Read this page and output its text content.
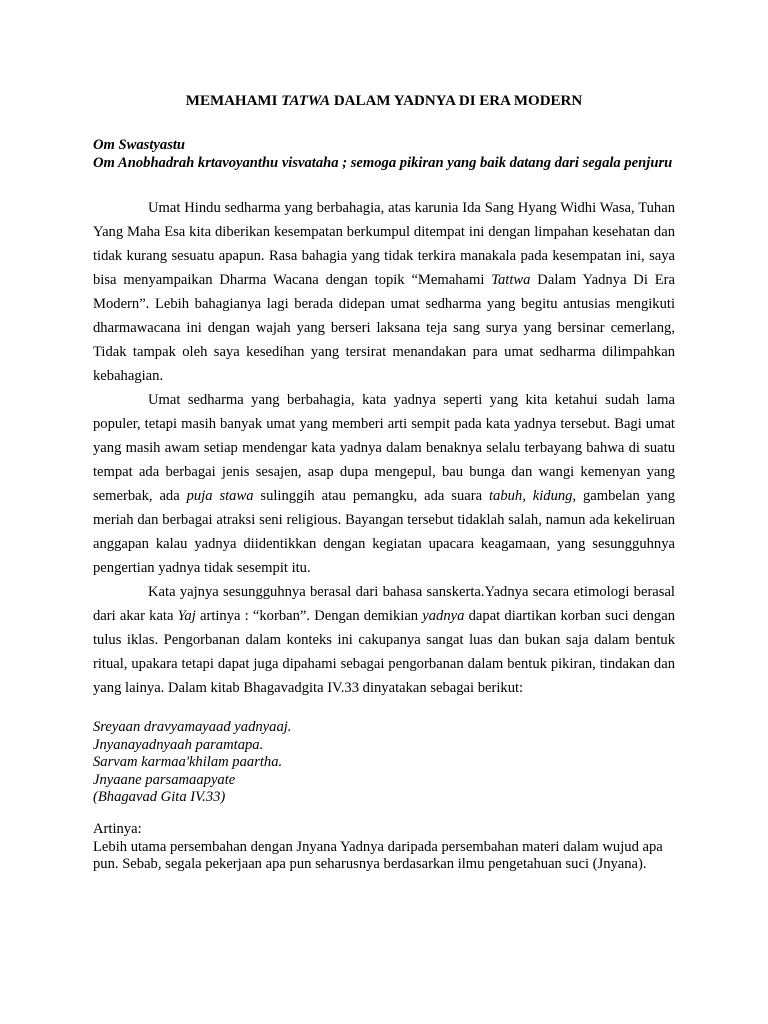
MEMAHAMI TATWA DALAM YADNYA DI ERA MODERN
Om Swastyastu
Om Anobhadrah krtavoyanthu visvataha ; semoga pikiran yang baik datang dari segala penjuru

Umat Hindu sedharma yang berbahagia, atas karunia Ida Sang Hyang Widhi Wasa, Tuhan Yang Maha Esa kita diberikan kesempatan berkumpul ditempat ini dengan limpahan kesehatan dan tidak kurang sesuatu apapun. Rasa bahagia yang tidak terkira manakala pada kesempatan ini, saya bisa menyampaikan Dharma Wacana dengan topik “Memahami Tattwa Dalam Yadnya Di Era Modern”. Lebih bahagianya lagi berada didepan umat sedharma yang begitu antusias mengikuti dharmawacana ini dengan wajah yang berseri laksana teja sang surya yang bersinar cemerlang, Tidak tampak oleh saya kesedihan yang tersirat menandakan para umat sedharma dilimpahkan kebahagian.

Umat sedharma yang berbahagia, kata yadnya seperti yang kita ketahui sudah lama populer, tetapi masih banyak umat yang memberi arti sempit pada kata yadnya tersebut. Bagi umat yang masih awam setiap mendengar kata yadnya dalam benaknya selalu terbayang bahwa di suatu tempat ada berbagai jenis sesajen, asap dupa mengepul, bau bunga dan wangi kemenyan yang semerbak, ada puja stawa sulinggih atau pemangku, ada suara tabuh, kidung, gambelan yang meriah dan berbagai atraksi seni religious. Bayangan tersebut tidaklah salah, namun ada kekeliruan anggapan kalau yadnya diidentikkan dengan kegiatan upacara keagamaan, yang sesungguhnya pengertian yadnya tidak sesempit itu.

Kata yajnya sesungguhnya berasal dari bahasa sanskerta.Yadnya secara etimologi berasal dari akar kata Yaj artinya : “korban”. Dengan demikian yadnya dapat diartikan korban suci dengan tulus iklas. Pengorbanan dalam konteks ini cakupanya sangat luas dan bukan saja dalam bentuk ritual, upakara tetapi dapat juga dipahami sebagai pengorbanan dalam bentuk pikiran, tindakan dan yang lainya. Dalam kitab Bhagavadgita IV.33 dinyatakan sebagai berikut:

Sreyaan dravyamayaad yadnyaaj.
Jnyanayadnyaah paramtapa.
Sarvam karmaa'khilam paartha.
Jnyaane parsamaapyate
(Bhagavad Gita IV.33)
Artinya:
Lebih utama persembahan dengan Jnyana Yadnya daripada persembahan materi dalam wujud apa pun. Sebab, segala pekerjaan apa pun seharusnya berdasarkan ilmu pengetahuan suci (Jnyana).
